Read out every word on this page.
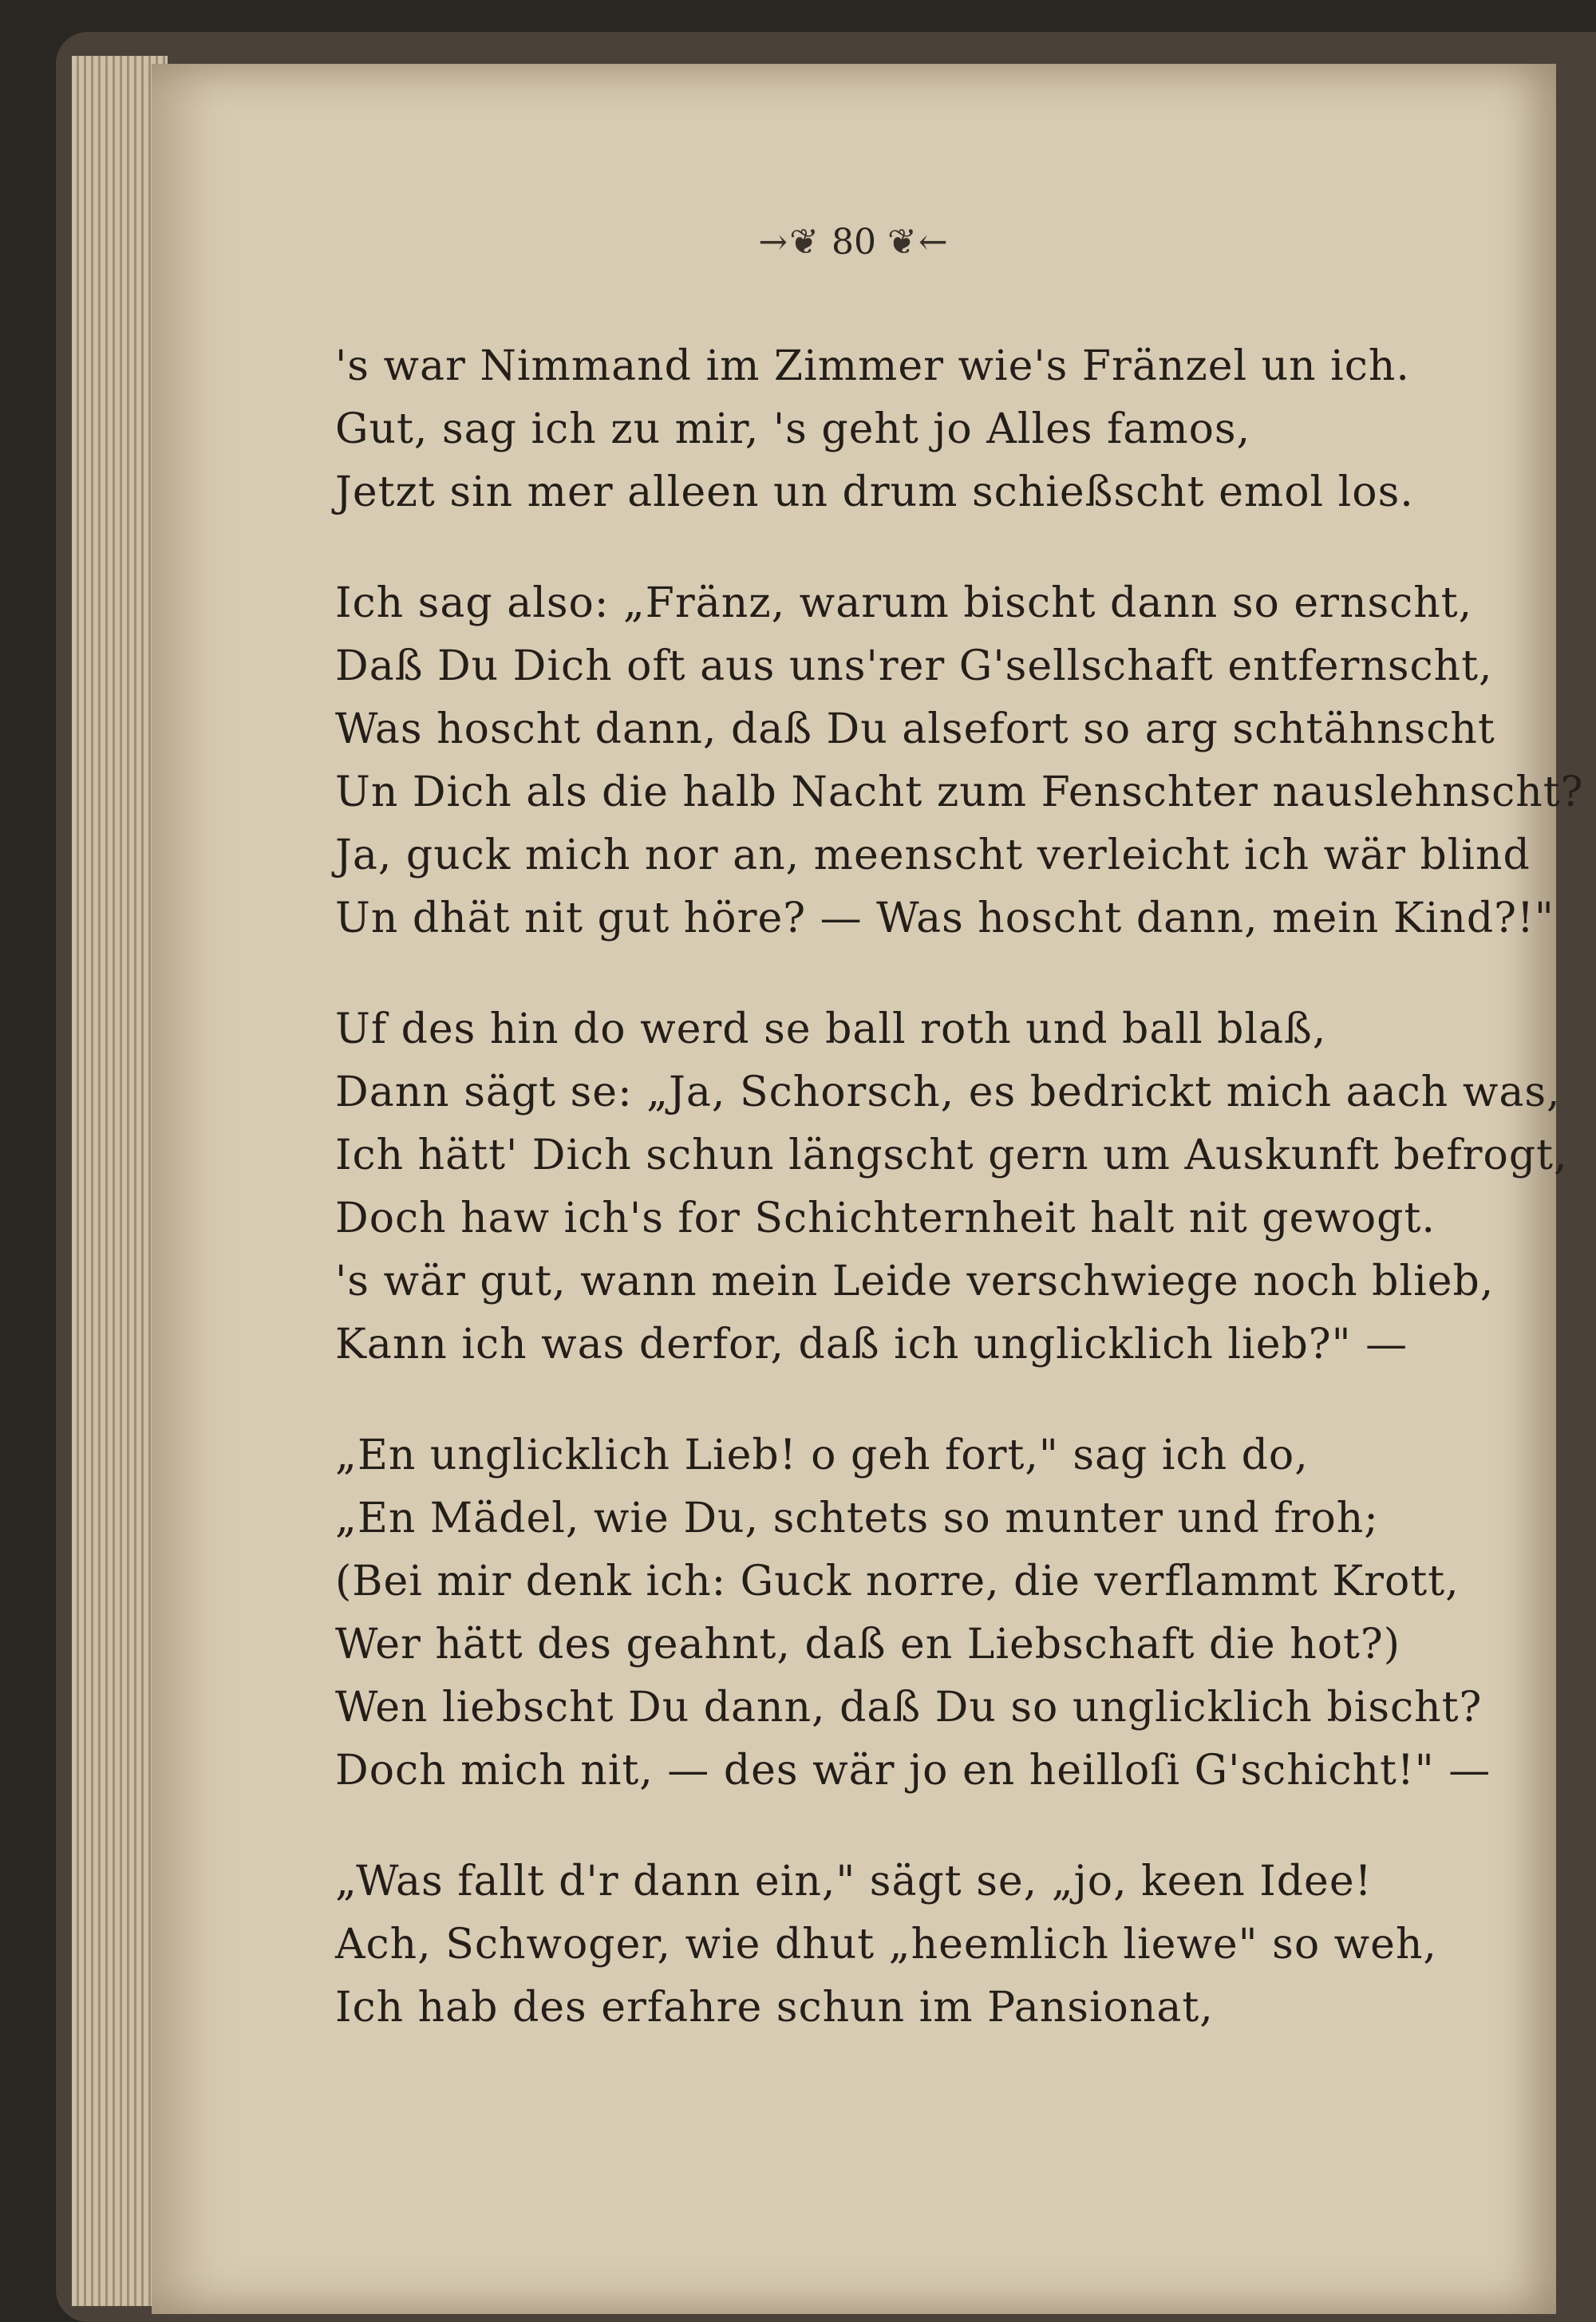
→❦ 80 ❦←
's war Nimmand im Zimmer wie's Fränzel un ich.
Gut, sag ich zu mir, 's geht jo Alles famos,
Jetzt sin mer alleen un drum schießscht emol los.
Ich sag also: „Fränz, warum bischt dann so ernscht,
Daß Du Dich oft aus uns'rer G'sellschaft entfernscht,
Was hoscht dann, daß Du alsefort so arg schtähnscht
Un Dich als die halb Nacht zum Fenschter nauslehnscht?
Ja, guck mich nor an, meenscht verleicht ich wär blind
Un dhät nit gut höre? — Was hoscht dann, mein Kind?!"
Uf des hin do werd se ball roth und ball blaß,
Dann sägt se: „Ja, Schorsch, es bedrickt mich aach was,
Ich hätt' Dich schun längscht gern um Auskunft befrogt,
Doch haw ich's for Schichternheit halt nit gewogt.
's wär gut, wann mein Leide verschwiege noch blieb,
Kann ich was derfor, daß ich unglicklich lieb?" —
„En unglicklich Lieb! o geh fort," sag ich do,
„En Mädel, wie Du, schtets so munter und froh;
(Bei mir denk ich: Guck norre, die verflammt Krott,
Wer hätt des geahnt, daß en Liebschaft die hot?)
Wen liebscht Du dann, daß Du so unglicklich bischt?
Doch mich nit, — des wär jo en heilloſi G'schicht!" —
„Was fallt d'r dann ein," sägt se, „jo, keen Idee!
Ach, Schwoger, wie dhut „heemlich liewe" so weh,
Ich hab des erfahre schun im Pansionat,
